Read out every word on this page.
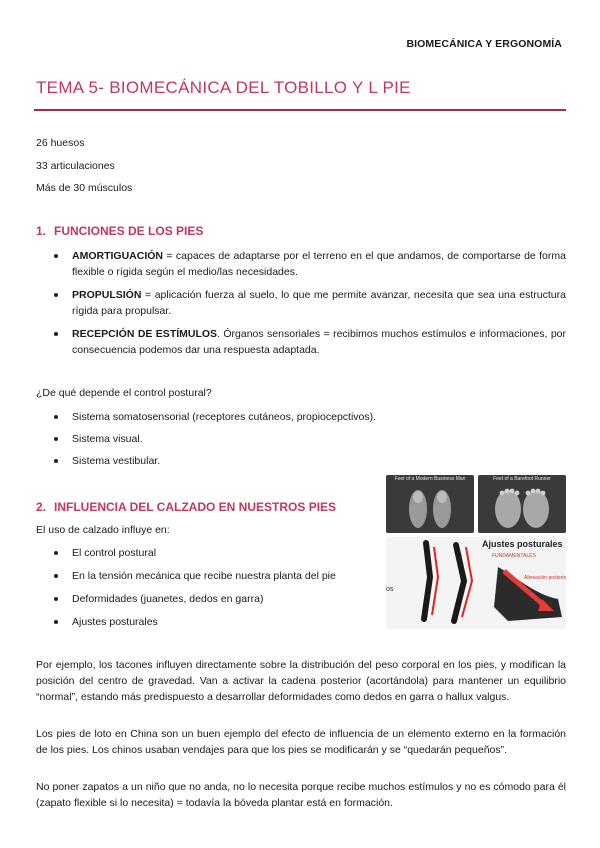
BIOMECÁNICA Y ERGONOMÍA
TEMA 5- BIOMECÁNICA DEL TOBILLO Y L PIE
26 huesos
33 articulaciones
Más de 30 músculos
1. FUNCIONES DE LOS PIES
AMORTIGUACIÓN = capaces de adaptarse por el terreno en el que andamos, de comportarse de forma flexible o rígida según el medio/las necesidades.
PROPULSIÓN = aplicación fuerza al suelo, lo que me permite avanzar, necesita que sea una estructura rígida para propulsar.
RECEPCIÓN DE ESTÍMULOS. Órganos sensoriales = recibimos muchos estímulos e informaciones, por consecuencia podemos dar una respuesta adaptada.
¿De qué depende el control postural?
Sistema somatosensorial (receptores cutáneos, propiocepctivos).
Sistema visual.
Sistema vestibular.
2. INFLUENCIA DEL CALZADO EN NUESTROS PIES
El uso de calzado influye en:
El control postural
En la tensión mecánica que recibe nuestra planta del pie
Deformidades (juanetes, dedos en garra)
Ajustes posturales
Feet of a Modern Business Man	Feet of a Barefoot Runner
Ajustes posturales
FUNDAMENTALES
Alineación posterior
os

Por ejemplo, los tacones influyen directamente sobre la distribución del peso corporal en los pies, y modifican la posición del centro de gravedad. Van a activar la cadena posterior (acortándola) para mantener un equilibrio “normal”, estando más predispuesto a desarrollar deformidades como dedos en garra o hallux valgus.

Los pies de loto en China son un buen ejemplo del efecto de influencia de un elemento externo en la formación de los pies. Los chinos usaban vendajes para que los pies se modificarán y se “quedarán pequeños”.

No poner zapatos a un niño que no anda, no lo necesita porque recibe muchos estímulos y no es cómodo para él (zapato flexible si lo necesita) = todavía la bóveda plantar está en formación.
